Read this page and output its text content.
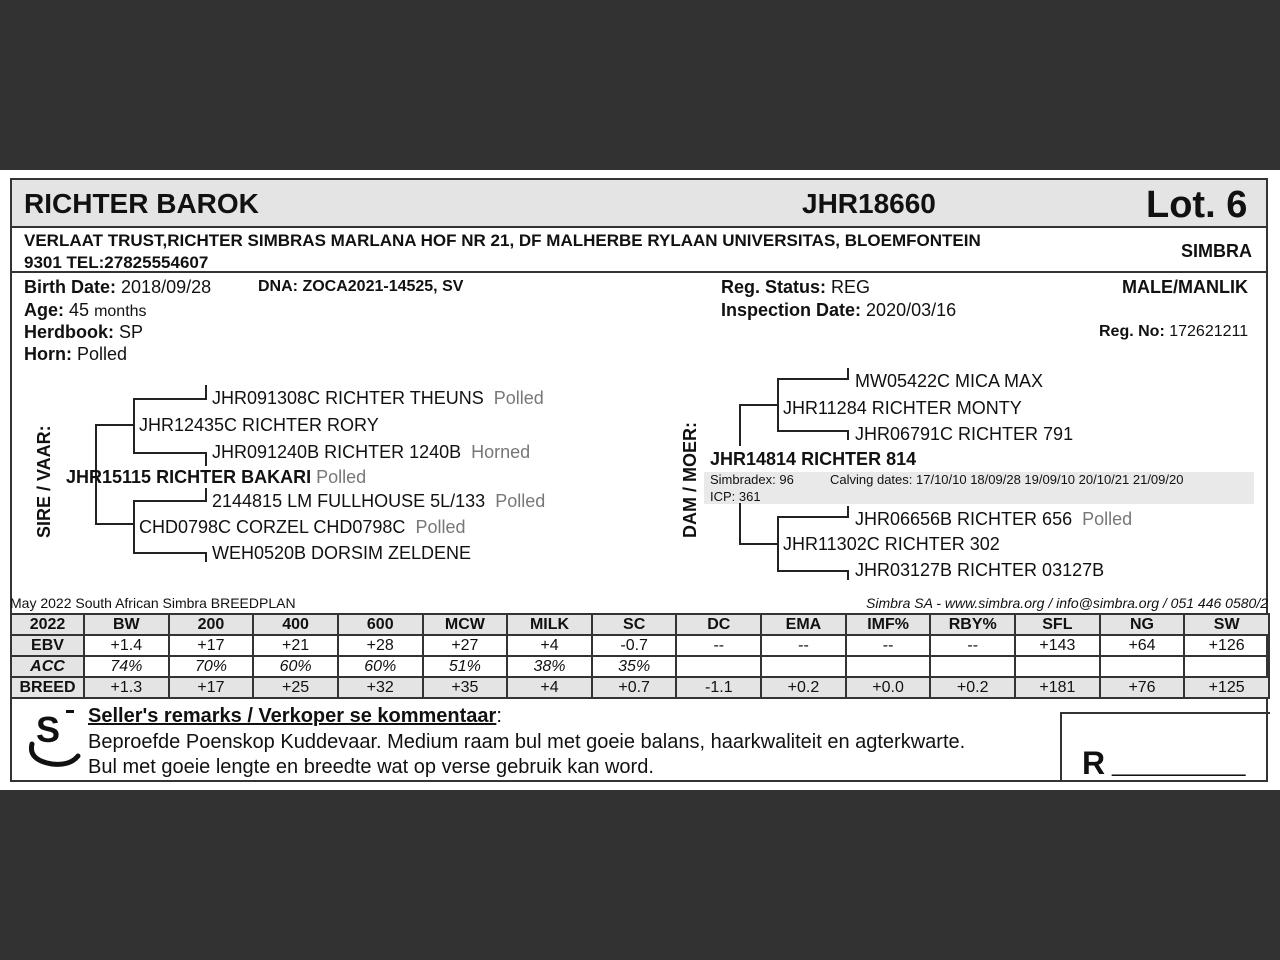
RICHTER BAROK	JHR18660	Lot. 6
VERLAAT TRUST,RICHTER SIMBRAS MARLANA HOF NR 21, DF MALHERBE RYLAAN UNIVERSITAS, BLOEMFONTEIN
9301 TEL:27825554607
SIMBRA
Birth Date: 2018/09/28	DNA: ZOCA2021-14525, SV
Age: 45 months
Herdbook: SP
Horn: Polled
Reg. Status: REG
Inspection Date: 2020/03/16
MALE/MANLIK
Reg. No: 172621211
SIRE / VAAR:
JHR091308C RICHTER THEUNS Polled
JHR12435C RICHTER RORY
JHR091240B RICHTER 1240B Horned
JHR15115 RICHTER BAKARI Polled
2144815 LM FULLHOUSE 5L/133 Polled
CHD0798C CORZEL CHD0798C Polled
WEH0520B DORSIM ZELDENE
DAM / MOER:
MW05422C MICA MAX
JHR11284 RICHTER MONTY
JHR06791C RICHTER 791
JHR14814 RICHTER 814
Simbradex: 96	Calving dates: 17/10/10 18/09/28 19/09/10 20/10/21 21/09/20
ICP: 361
JHR06656B RICHTER 656 Polled
JHR11302C RICHTER 302
JHR03127B RICHTER 03127B
May 2022 South African Simbra BREEDPLAN	Simbra SA - www.simbra.org / info@simbra.org / 051 446 0580/2
2022	BW	200	400	600	MCW	MILK	SC	DC	EMA	IMF%	RBY%	SFL	NG	SW
EBV	+1.4	+17	+21	+28	+27	+4	-0.7	--	--	--	--	+143	+64	+126
ACC	74%	70%	60%	60%	51%	38%	35%							
BREED	+1.3	+17	+25	+32	+35	+4	+0.7	-1.1	+0.2	+0.0	+0.2	+181	+76	+125
S Seller's remarks / Verkoper se kommentaar:
Beproefde Poenskop Kuddevaar. Medium raam bul met goeie balans, haarkwaliteit en agterkwarte.
Bul met goeie lengte en breedte wat op verse gebruik kan word.	R __________
